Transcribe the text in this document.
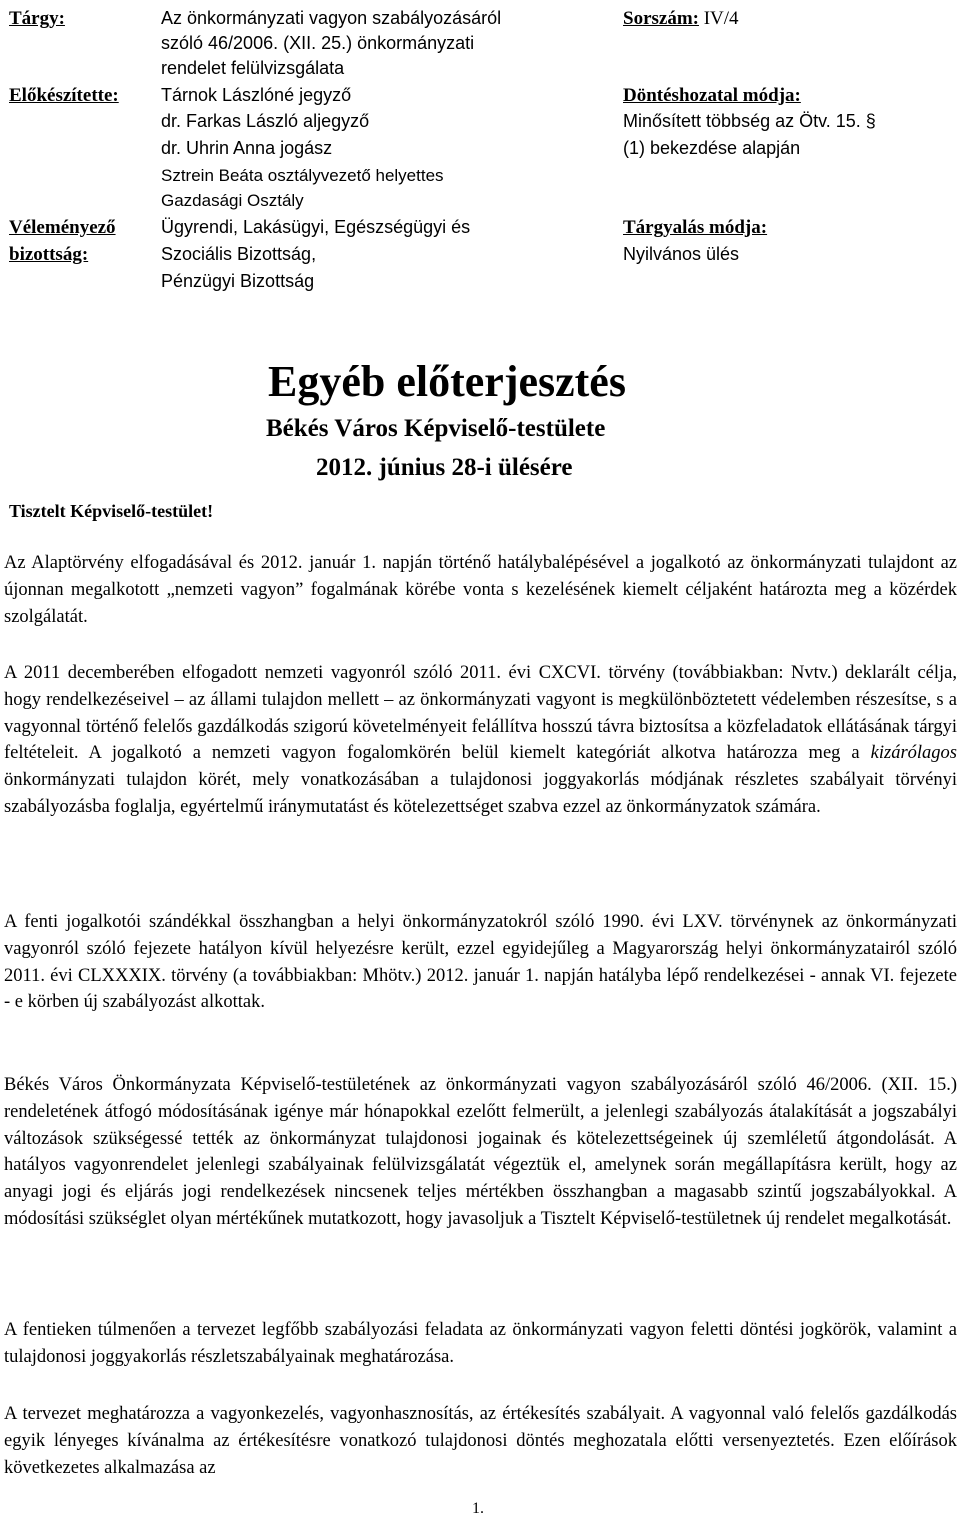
Tárgy:	Az önkormányzati vagyon szabályozásáról
szóló 46/2006. (XII. 25.) önkormányzati
rendelet felülvizsgálata
Előkészítette: Tárnok Lászlóné jegyző
dr. Farkas László aljegyző
dr. Uhrin Anna jogász
Sztrein Beáta osztályvezető helyettes
Gazdasági Osztály
Véleményező
bizottság:
Ügyrendi, Lakásügyi, Egészségügyi és
Szociális Bizottság,
Pénzügyi Bizottság
Sorszám: IV/4
Döntéshozatal módja:
Minősített többség az Ötv. 15. §
(1) bekezdése alapján
Tárgyalás módja:
Nyilvános ülés
Egyéb előterjesztés
Békés Város Képviselő-testülete
2012. június 28-i ülésére
Tisztelt Képviselő-testület!

Az Alaptörvény elfogadásával és 2012. január 1. napján történő hatálybalépésével a jogalkotó az önkormányzati tulajdont az újonnan megalkotott „nemzeti vagyon” fogalmának körébe vonta s kezelésének kiemelt céljaként határozta meg a közérdek szolgálatát.

A 2011 decemberében elfogadott nemzeti vagyonról szóló 2011. évi CXCVI. törvény (továbbiakban: Nvtv.) deklarált célja, hogy rendelkezéseivel – az állami tulajdon mellett – az önkormányzati vagyont is megkülönböztetett védelemben részesítse, s a vagyonnal történő felelős gazdálkodás szigorú követelményeit felállítva hosszú távra biztosítsa a közfeladatok ellátásának tárgyi feltételeit. A jogalkotó a nemzeti vagyon fogalomkörén belül kiemelt kategóriát alkotva határozza meg a kizárólagos önkormányzati tulajdon körét, mely vonatkozásában a tulajdonosi joggyakorlás módjának részletes szabályait törvényi szabályozásba foglalja, egyértelmű iránymutatást és kötelezettséget szabva ezzel az önkormányzatok számára.

A fenti jogalkotói szándékkal összhangban a helyi önkormányzatokról szóló 1990. évi LXV. törvénynek az önkormányzati vagyonról szóló fejezete hatályon kívül helyezésre került, ezzel egyidejűleg a Magyarország helyi önkormányzatairól szóló 2011. évi CLXXXIX. törvény (a továbbiakban: Mhötv.) 2012. január 1. napján hatályba lépő rendelkezései - annak VI. fejezete - e körben új szabályozást alkottak.

Békés Város Önkormányzata Képviselő-testületének az önkormányzati vagyon szabályozásáról szóló 46/2006. (XII. 15.) rendeletének átfogó módosításának igénye már hónapokkal ezelőtt felmerült, a jelenlegi szabályozás átalakítását a jogszabályi változások szükségessé tették az önkormányzat tulajdonosi jogainak és kötelezettségeinek új szemléletű átgondolását. A hatályos vagyonrendelet jelenlegi szabályainak felülvizsgálatát végeztük el, amelynek során megállapításra került, hogy az anyagi jogi és eljárás jogi rendelkezések nincsenek teljes mértékben összhangban a magasabb szintű jogszabályokkal. A módosítási szükséglet olyan mértékűnek mutatkozott, hogy javasoljuk a Tisztelt Képviselő-testületnek új rendelet megalkotását.

A fentieken túlmenően a tervezet legfőbb szabályozási feladata az önkormányzati vagyon feletti döntési jogkörök, valamint a tulajdonosi joggyakorlás részletszabályainak meghatározása.

A tervezet meghatározza a vagyonkezelés, vagyonhasznosítás, az értékesítés szabályait. A vagyonnal való felelős gazdálkodás egyik lényeges kívánalma az értékesítésre vonatkozó tulajdonosi döntés meghozatala előtti versenyeztetés. Ezen előírások következetes alkalmazása az

1.
